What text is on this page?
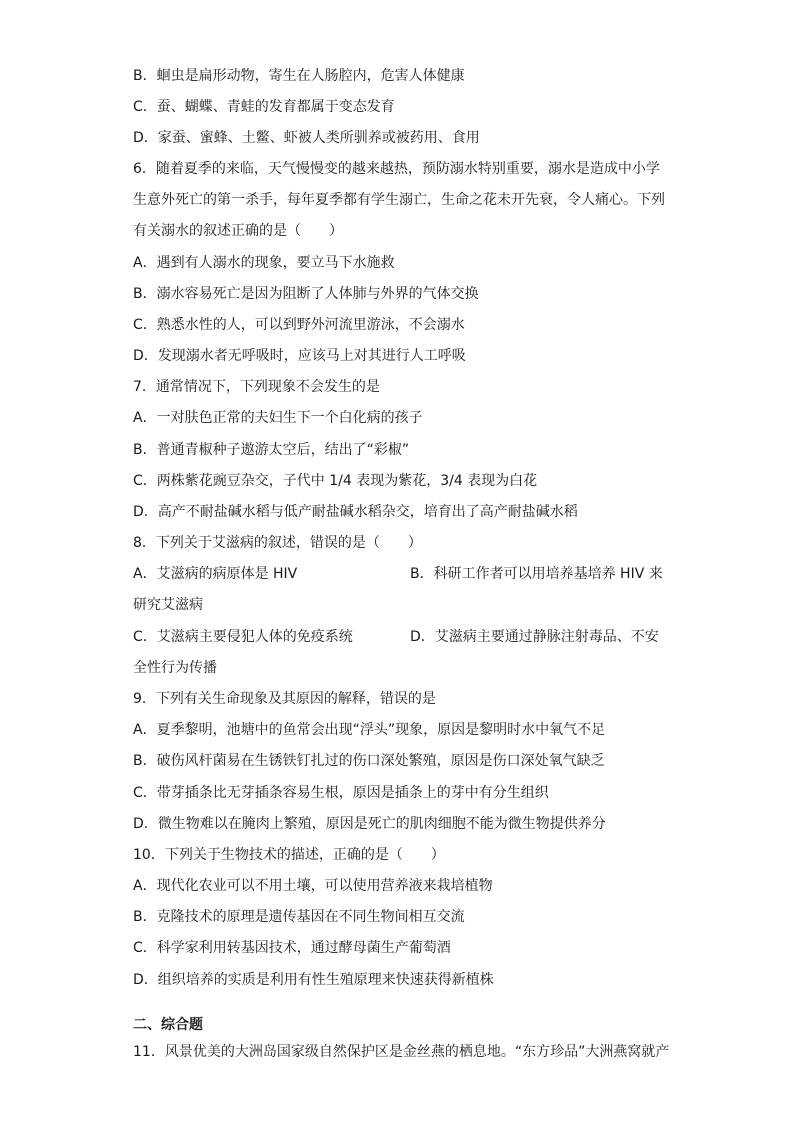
B．蛔虫是扁形动物，寄生在人肠腔内，危害人体健康
C．蚕、蝴蝶、青蛙的发育都属于变态发育
D．家蚕、蜜蜂、土鳖、虾被人类所驯养或被药用、食用
6．随着夏季的来临，天气慢慢变的越来越热，预防溺水特别重要，溺水是造成中小学
生意外死亡的第一杀手，每年夏季都有学生溺亡，生命之花未开先衰，令人痛心。下列
有关溺水的叙述正确的是（　　）
A．遇到有人溺水的现象，要立马下水施救
B．溺水容易死亡是因为阻断了人体肺与外界的气体交换
C．熟悉水性的人，可以到野外河流里游泳，不会溺水
D．发现溺水者无呼吸时，应该马上对其进行人工呼吸
7．通常情况下，下列现象不会发生的是
A．一对肤色正常的夫妇生下一个白化病的孩子
B．普通青椒种子遨游太空后，结出了“彩椒”
C．两株紫花豌豆杂交，子代中 1/4 表现为紫花，3/4 表现为白花
D．高产不耐盐碱水稻与低产耐盐碱水稻杂交，培育出了高产耐盐碱水稻
8．下列关于艾滋病的叙述，错误的是（　　）
A．艾滋病的病原体是 HIV	B．科研工作者可以用培养基培养 HIV 来
研究艾滋病
C．艾滋病主要侵犯人体的免疫系统	D．艾滋病主要通过静脉注射毒品、不安
全性行为传播
9．下列有关生命现象及其原因的解释，错误的是
A．夏季黎明，池塘中的鱼常会出现“浮头”现象，原因是黎明时水中氧气不足
B．破伤风杆菌易在生锈铁钉扎过的伤口深处繁殖，原因是伤口深处氧气缺乏
C．带芽插条比无芽插条容易生根，原因是插条上的芽中有分生组织
D．微生物难以在腌肉上繁殖，原因是死亡的肌肉细胞不能为微生物提供养分
10．下列关于生物技术的描述，正确的是（　　）
A．现代化农业可以不用土壤，可以使用营养液来栽培植物
B．克隆技术的原理是遗传基因在不同生物间相互交流
C．科学家利用转基因技术，通过酵母菌生产葡萄酒
D．组织培养的实质是利用有性生殖原理来快速获得新植株
二、综合题
11．风景优美的大洲岛国家级自然保护区是金丝燕的栖息地。“东方珍品”大洲燕窝就产
